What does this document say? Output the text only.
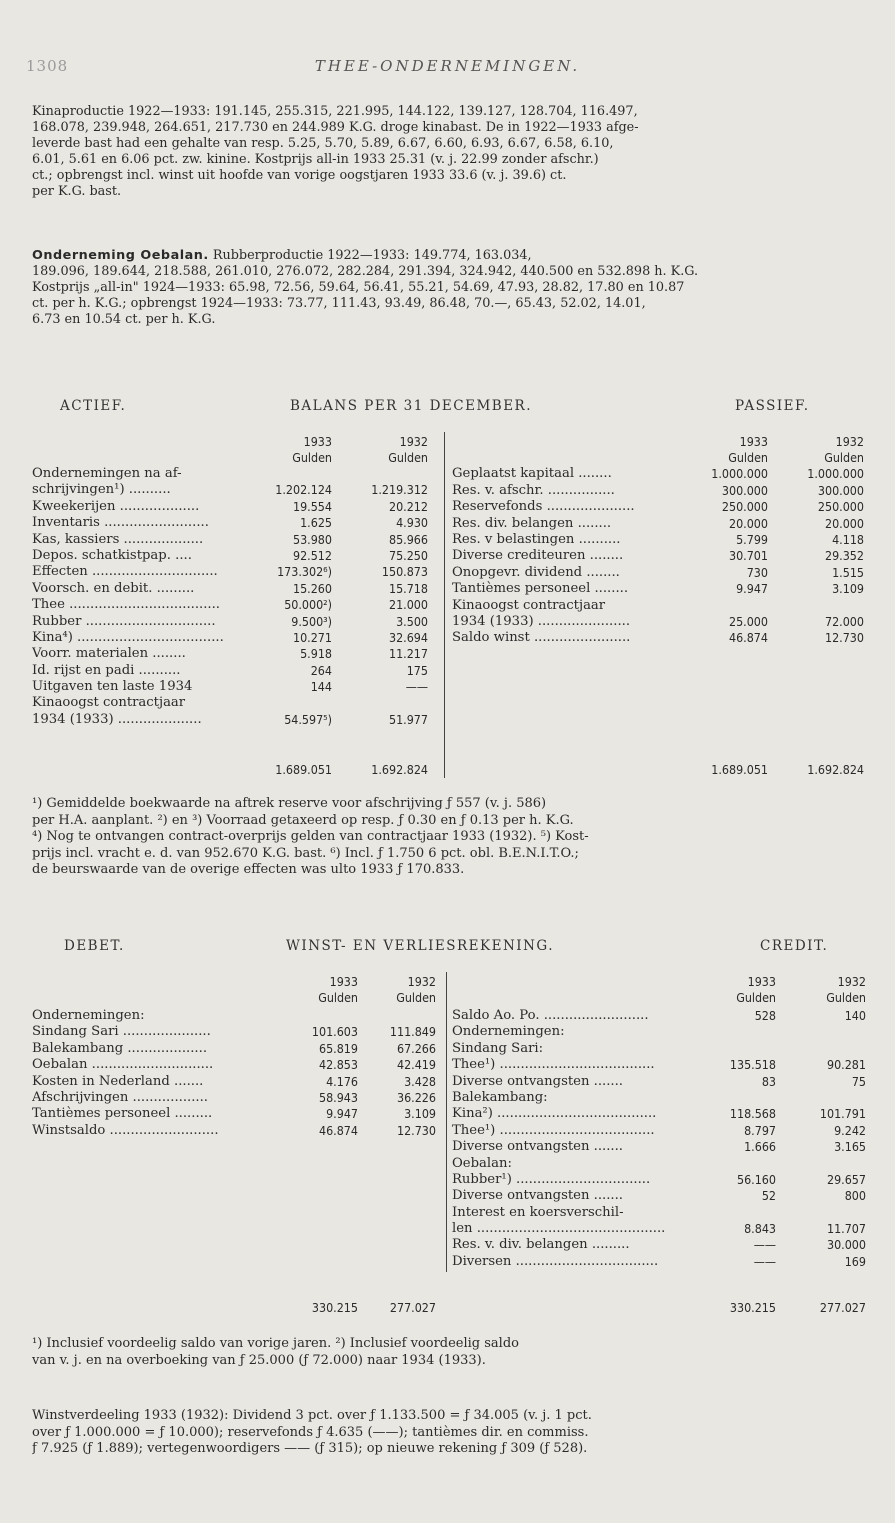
1308	THEE-ONDERNEMINGEN.
Kinaproductie 1922—1933: 191.145, 255.315, 221.995, 144.122, 139.127, 128.704, 116.497,
168.078, 239.948, 264.651, 217.730 en 244.989 K.G. droge kinabast. De in 1922—1933 afge-
leverde bast had een gehalte van resp. 5.25, 5.70, 5.89, 6.67, 6.60, 6.93, 6.67, 6.58, 6.10,
6.01, 5.61 en 6.06 pct. zw. kinine. Kostprijs all-in 1933 25.31 (v. j. 22.99 zonder afschr.)
ct.; opbrengst incl. winst uit hoofde van vorige oogstjaren 1933 33.6 (v. j. 39.6) ct.
per K.G. bast.
Onderneming Oebalan. Rubberproductie 1922—1933: 149.774, 163.034,
189.096, 189.644, 218.588, 261.010, 276.072, 282.284, 291.394, 324.942, 440.500 en 532.898 h. K.G.
Kostprijs „all-in" 1924—1933: 65.98, 72.56, 59.64, 56.41, 55.21, 54.69, 47.93, 28.82, 17.80 en 10.87
ct. per h. K.G.; opbrengst 1924—1933: 73.77, 111.43, 93.49, 86.48, 70.—, 65.43, 52.02, 14.01,
6.73 en 10.54 ct. per h. K.G.
ACTIEF.	BALANS PER 31 DECEMBER.	PASSIEF.
1933	1932
Gulden	Gulden
1933	1932
Gulden	Gulden
Ondernemingen na af-
schrijvingen¹) ..........	1.202.124	1.219.312
Kweekerijen ...................	19.554	20.212
Inventaris .........................	1.625	4.930
Kas, kassiers ...................	53.980	85.966
Depos. schatkistpap. ....	92.512	75.250
Effecten ..............................	173.302⁶)	150.873
Voorsch. en debit. .........	15.260	15.718
Thee ....................................	50.000²)	21.000
Rubber ...............................	9.500³)	3.500
Kina⁴) ...................................	10.271	32.694
Voorr. materialen ........	5.918	11.217
Id. rijst en padi ..........	264	175
Uitgaven ten laste 1934	144	——
Kinaoogst contractjaar
1934 (1933) ....................	54.597⁵)	51.977
Geplaatst kapitaal ........	1.000.000	1.000.000
Res. v. afschr. ................	300.000	300.000
Reservefonds .....................	250.000	250.000
Res. div. belangen ........	20.000	20.000
Res. v belastingen ..........	5.799	4.118
Diverse crediteuren ........	30.701	29.352
Onopgevr. dividend ........	730	1.515
Tantièmes personeel ........	9.947	3.109
Kinaoogst contractjaar
1934 (1933) ......................	25.000	72.000
Saldo winst .......................	46.874	12.730
1.689.051	1.692.824	1.689.051	1.692.824
¹) Gemiddelde boekwaarde na aftrek reserve voor afschrijving ƒ 557 (v. j. 586)
per H.A. aanplant. ²) en ³) Voorraad getaxeerd op resp. ƒ 0.30 en ƒ 0.13 per h. K.G.
⁴) Nog te ontvangen contract-overprijs gelden van contractjaar 1933 (1932). ⁵) Kost-
prijs incl. vracht e. d. van 952.670 K.G. bast. ⁶) Incl. ƒ 1.750 6 pct. obl. B.E.N.I.T.O.;
de beurswaarde van de overige effecten was ulto 1933 ƒ 170.833.
DEBET.	WINST- EN VERLIESREKENING.	CREDIT.
1933	1932
Gulden	Gulden
1933	1932
Gulden	Gulden
Ondernemingen:
Sindang Sari .....................	101.603	111.849
Balekambang ...................	65.819	67.266
Oebalan .............................	42.853	42.419
Kosten in Nederland .......	4.176	3.428
Afschrijvingen ..................	58.943	36.226
Tantièmes personeel .........	9.947	3.109
Winstsaldo ..........................	46.874	12.730
Saldo Ao. Po. .........................	528	140
Ondernemingen:
Sindang Sari:
Thee¹) .....................................	135.518	90.281
Diverse ontvangsten .......	83	75
Balekambang:
Kina²) ......................................	118.568	101.791
Thee¹) .....................................	8.797	9.242
Diverse ontvangsten .......	1.666	3.165
Oebalan:
Rubber¹) ................................	56.160	29.657
Diverse ontvangsten .......	52	800
Interest en koersverschil-
len .............................................	8.843	11.707
Res. v. div. belangen .........	——	30.000
Diversen ..................................	——	169
330.215	277.027	330.215	277.027
¹) Inclusief voordeelig saldo van vorige jaren. ²) Inclusief voordeelig saldo
van v. j. en na overboeking van ƒ 25.000 (ƒ 72.000) naar 1934 (1933).
Winstverdeeling 1933 (1932): Dividend 3 pct. over ƒ 1.133.500 = ƒ 34.005 (v. j. 1 pct.
over ƒ 1.000.000 = ƒ 10.000); reservefonds ƒ 4.635 (——); tantièmes dir. en commiss.
ƒ 7.925 (ƒ 1.889); vertegenwoordigers —— (ƒ 315); op nieuwe rekening ƒ 309 (ƒ 528).
